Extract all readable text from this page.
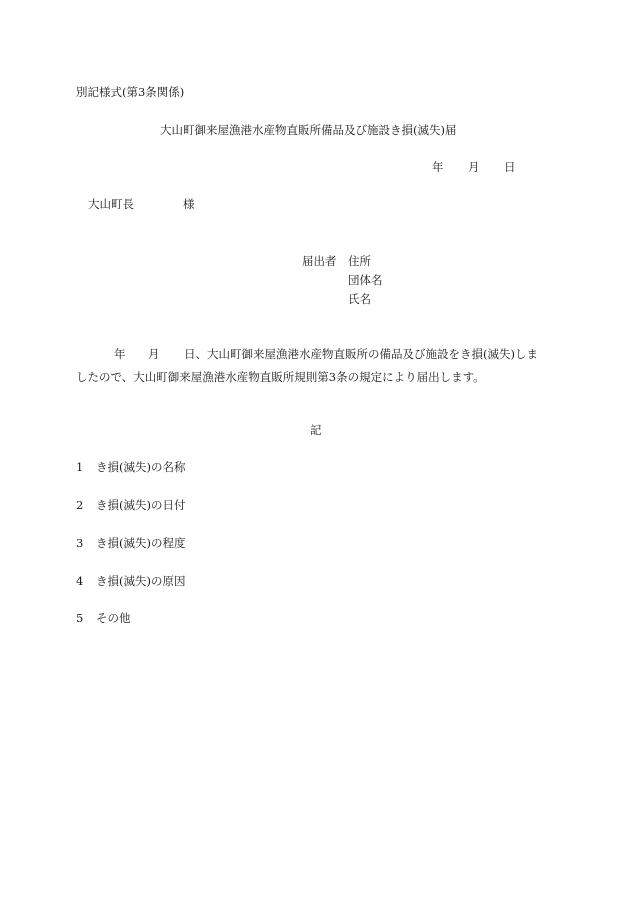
別記様式(第3条関係)
大山町御来屋漁港水産物直販所備品及び施設き損(滅失)届
年 月 日
大山町長	様
届出者 住所
団体名
氏名
年 月 日、大山町御来屋漁港水産物直販所の備品及び施設をき損(滅失)しま
したので、大山町御来屋漁港水産物直販所規則第3条の規定により届出します。
記
1 き損(滅失)の名称
2 き損(滅失)の日付
3 き損(滅失)の程度
4 き損(滅失)の原因
5 その他
